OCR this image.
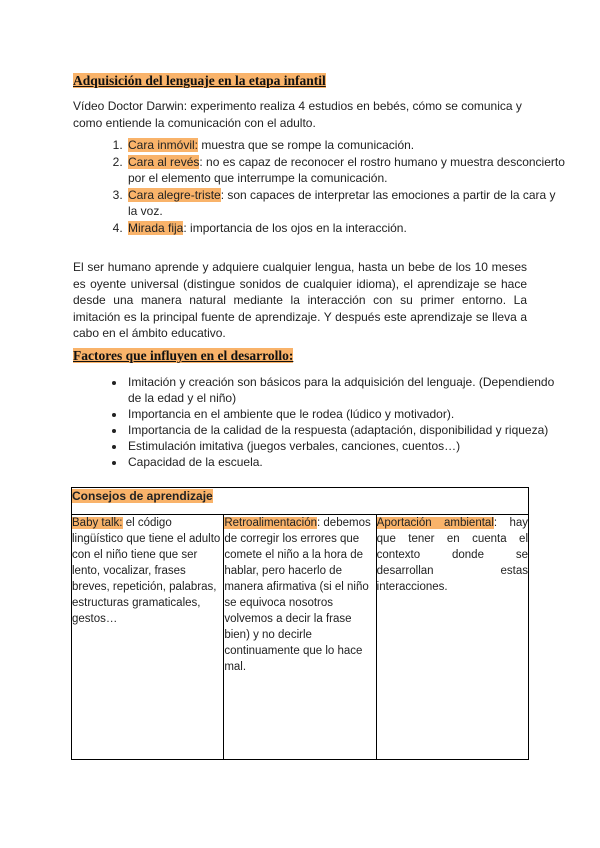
Adquisición del lenguaje en la etapa infantil

Vídeo Doctor Darwin: experimento realiza 4 estudios en bebés, cómo se comunica y como entiende la comunicación con el adulto.

1. Cara inmóvil: muestra que se rompe la comunicación.
2. Cara al revés: no es capaz de reconocer el rostro humano y muestra desconcierto por el elemento que interrumpe la comunicación.
3. Cara alegre-triste: son capaces de interpretar las emociones a partir de la cara y la voz.
4. Mirada fija: importancia de los ojos en la interacción.

El ser humano aprende y adquiere cualquier lengua, hasta un bebe de los 10 meses es oyente universal (distingue sonidos de cualquier idioma), el aprendizaje se hace desde una manera natural mediante la interacción con su primer entorno. La imitación es la principal fuente de aprendizaje. Y después este aprendizaje se lleva a cabo en el ámbito educativo.

Factores que influyen en el desarrollo:
• Imitación y creación son básicos para la adquisición del lenguaje. (Dependiendo de la edad y el niño)
• Importancia en el ambiente que le rodea (lúdico y motivador).
• Importancia de la calidad de la respuesta (adaptación, disponibilidad y riqueza)
• Estimulación imitativa (juegos verbales, canciones, cuentos…)
• Capacidad de la escuela.
Consejos de aprendizaje
Baby talk: el código lingüístico que tiene el adulto con el niño tiene que ser lento, vocalizar, frases breves, repetición, palabras, estructuras gramaticales, gestos…	Retroalimentación: debemos de corregir los errores que comete el niño a la hora de hablar, pero hacerlo de manera afirmativa (si el niño se equivoca nosotros volvemos a decir la frase bien) y no decirle continuamente que lo hace mal.	Aportación ambiental: hay que tener en cuenta el contexto donde se desarrollan estas interacciones.
